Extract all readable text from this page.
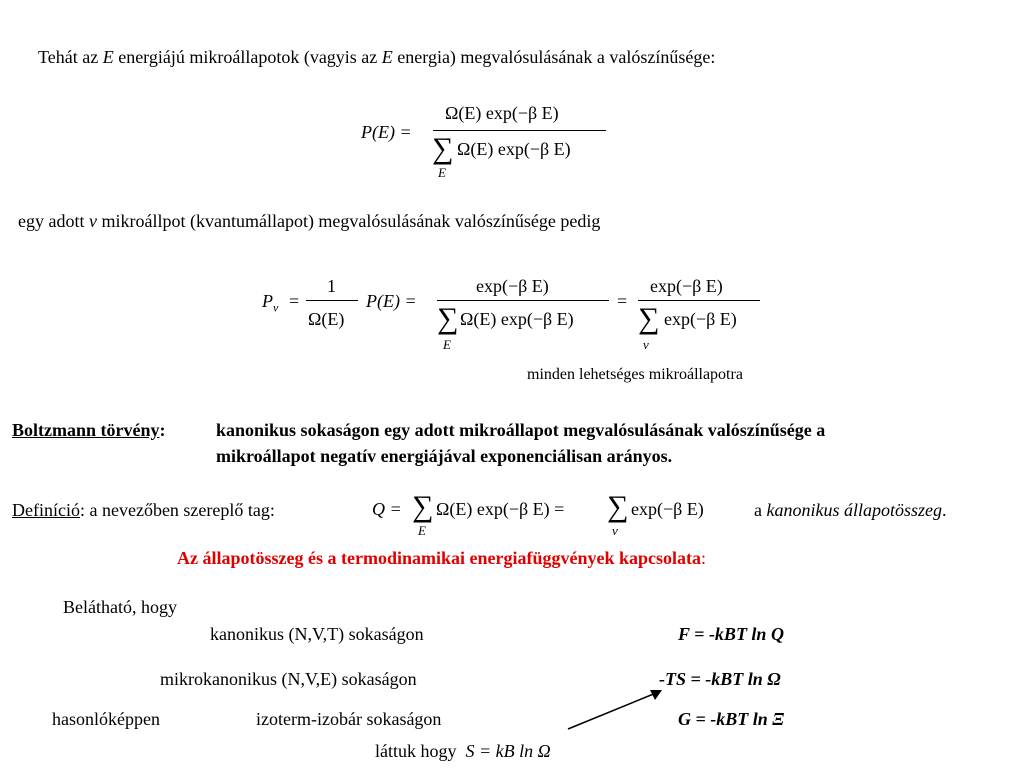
Tehát az E energiájú mikroállapotok (vagyis az E energia) megvalósulásának a valószínűsége:
P(E) =
Ω(E) exp(−β E)
∑
E
Ω(E) exp(−β E)
egy adott ν mikroállpot (kvantumállapot) megvalósulásának valószínűsége pedig
$P_\nu$ =
1
Ω(E)
P(E) =
exp(−β E)
∑
E
Ω(E) exp(−β E)
=
exp(−β E)
∑
ν
exp(−β E)
minden lehetséges mikroállapotra
Boltzmann törvény:	kanonikus sokaságon egy adott mikroállapot megvalósulásának valószínűsége a
mikroállapot negatív energiájával exponenciálisan arányos.
Definíció: a nevezőben szereplő tag:	Q = ∑
E
Ω(E) exp(−β E) = ∑
ν
exp(−β E)	a kanonikus állapotösszeg.
Az állapotösszeg és a termodinamikai energiafüggvények kapcsolata:
Belátható, hogy
kanonikus (N,V,T) sokaságon	F = -kBT ln Q
mikrokanonikus (N,V,E) sokaságon	-TS = -kBT ln Ω
hasonlóképpen	izoterm-izobár sokaságon	G = -kBT ln Ξ
láttuk hogy S = kB ln Ω
